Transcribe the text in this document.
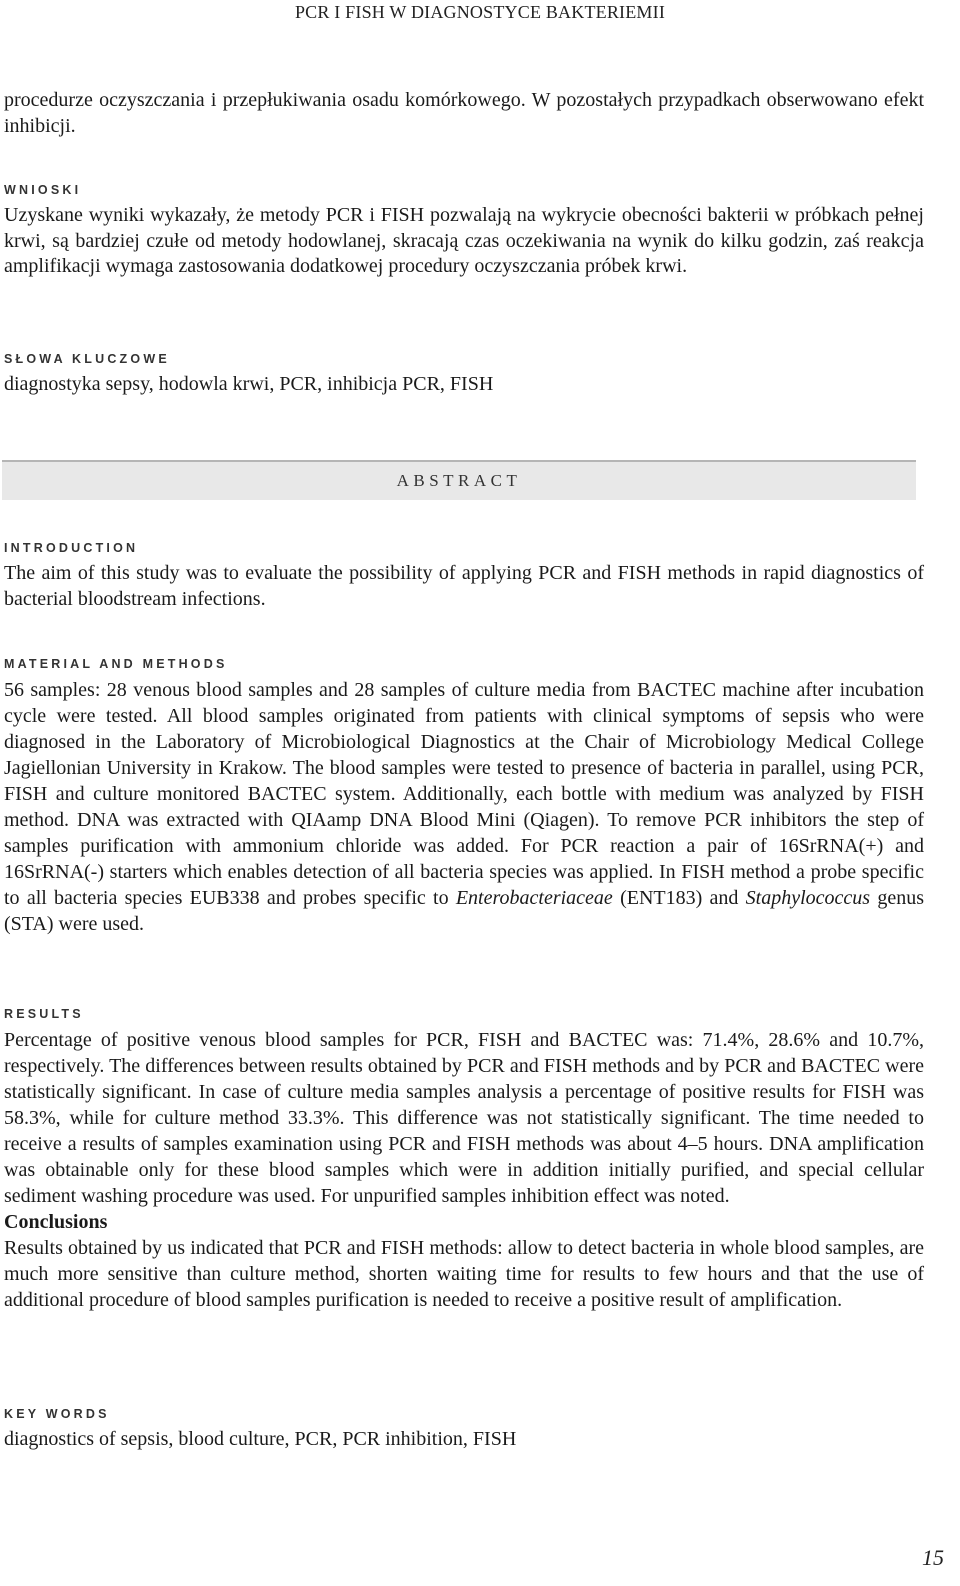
PCR I FISH W DIAGNOSTYCE BAKTERIEMII

procedurze oczyszczania i przepłukiwania osadu komórkowego. W pozostałych przypadkach obserwowano efekt inhibicji.

WNIOSKI

Uzyskane wyniki wykazały, że metody PCR i FISH pozwalają na wykrycie obecności bakterii w próbkach pełnej krwi, są bardziej czułe od metody hodowlanej, skracają czas oczekiwania na wynik do kilku godzin, zaś reakcja amplifikacji wymaga zastosowania dodatkowej procedury oczyszczania próbek krwi.

SŁOWA KLUCZOWE

diagnostyka sepsy, hodowla krwi, PCR, inhibicja PCR, FISH

ABSTRACT
INTRODUCTION

The aim of this study was to evaluate the possibility of applying PCR and FISH methods in rapid diagnostics of bacterial bloodstream infections.

MATERIAL AND METHODS

56 samples: 28 venous blood samples and 28 samples of culture media from BACTEC machine after incubation cycle were tested. All blood samples originated from patients with clinical symptoms of sepsis who were diagnosed in the Laboratory of Microbiological Diagnostics at the Chair of Microbiology Medical College Jagiellonian University in Krakow. The blood samples were tested to presence of bacteria in parallel, using PCR, FISH and culture monitored BACTEC system. Additionally, each bottle with medium was analyzed by FISH method. DNA was extracted with QIAamp DNA Blood Mini (Qiagen). To remove PCR inhibitors the step of samples purification with ammonium chloride was added. For PCR reaction a pair of 16SrRNA(+) and 16SrRNA(-) starters which enables detection of all bacteria species was applied. In FISH method a probe specific to all bacteria species EUB338 and probes specific to Enterobacteriaceae (ENT183) and Staphylococcus genus (STA) were used.

RESULTS

Percentage of positive venous blood samples for PCR, FISH and BACTEC was: 71.4%, 28.6% and 10.7%, respectively. The differences between results obtained by PCR and FISH methods and by PCR and BACTEC were statistically significant. In case of culture media samples analysis a percentage of positive results for FISH was 58.3%, while for culture method 33.3%. This difference was not statistically significant. The time needed to receive a results of samples examination using PCR and FISH methods was about 4–5 hours. DNA amplification was obtainable only for these blood samples which were in addition initially purified, and special cellular sediment washing procedure was used. For unpurified samples inhibition effect was noted.

Conclusions

Results obtained by us indicated that PCR and FISH methods: allow to detect bacteria in whole blood samples, are much more sensitive than culture method, shorten waiting time for results to few hours and that the use of additional procedure of blood samples purification is needed to receive a positive result of amplification.

KEY WORDS

diagnostics of sepsis, blood culture, PCR, PCR inhibition, FISH

15
